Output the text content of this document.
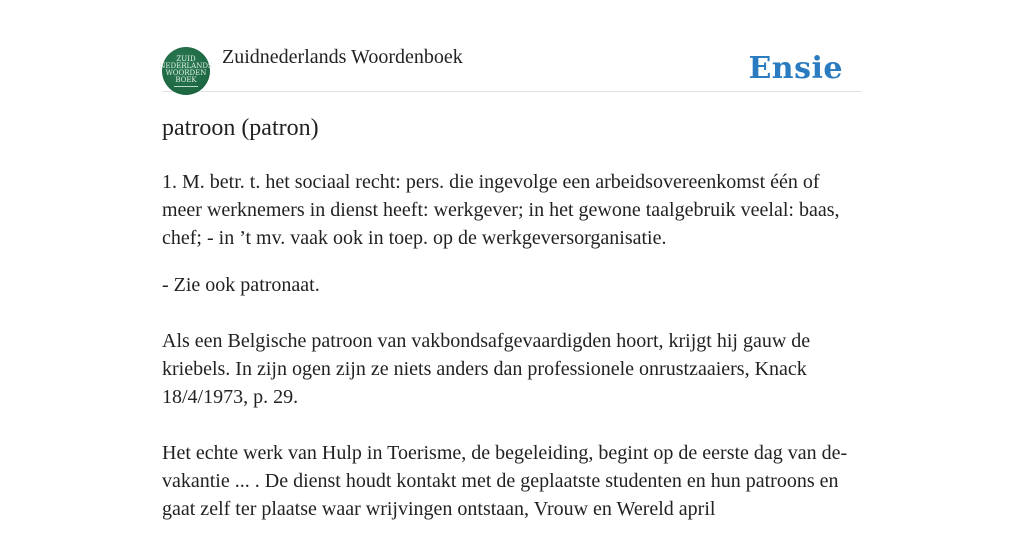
ZUID
NEDERLANDS
WOORDEN
BOEK
Zuidnederlands Woordenboek	Ensie
patroon (patron)

1. M. betr. t. het sociaal recht: pers. die ingevolge een arbeidsovereenkomst één of meer werknemers in dienst heeft: werkgever; in het gewone taalgebruik veelal: baas, chef; - in ’t mv. vaak ook in toep. op de werkgeversorganisatie.

- Zie ook patronaat.

Als een Belgische patroon van vakbondsafgevaardigden hoort, krijgt hij gauw de kriebels. In zijn ogen zijn ze niets anders dan professionele onrustzaaiers, Knack 18/4/1973, p. 29.

Het echte werk van Hulp in Toerisme, de begeleiding, begint op de eerste dag van de-vakantie ... . De dienst houdt kontakt met de geplaatste studenten en hun patroons en gaat zelf ter plaatse waar wrijvingen ontstaan, Vrouw en Wereld april
